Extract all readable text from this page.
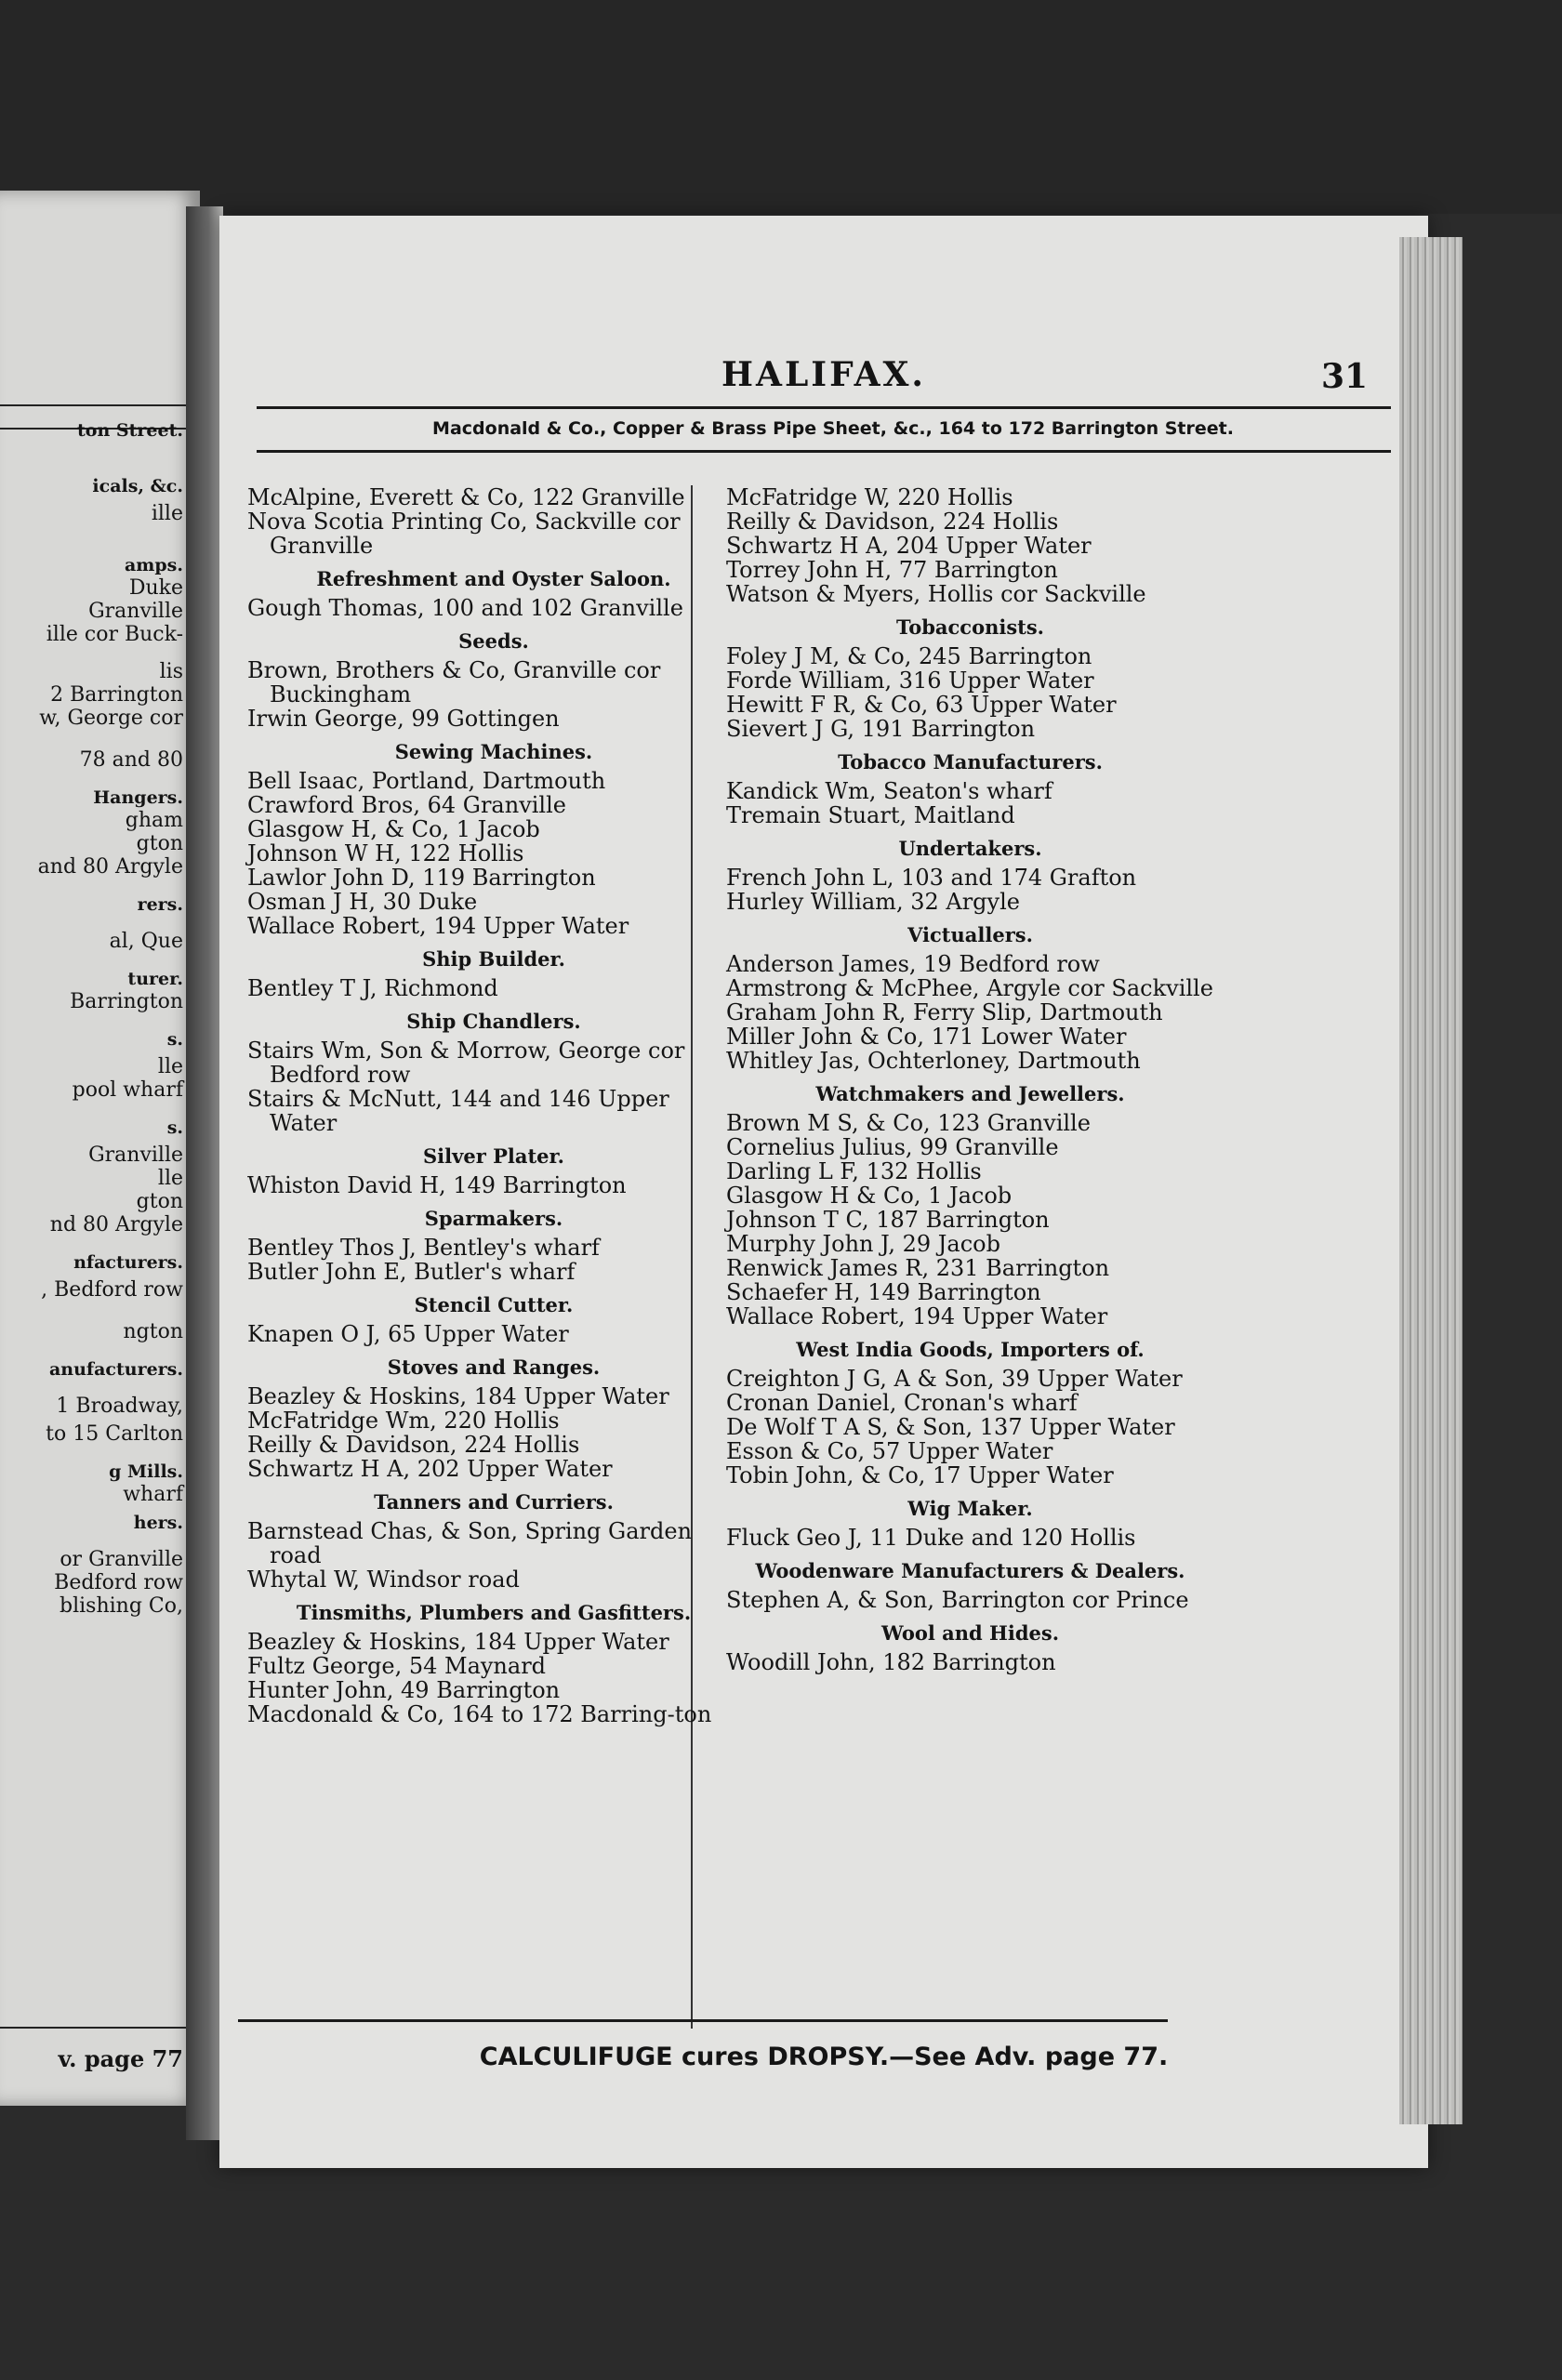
v. page 77
ton Street.
icals, &c.
ille
amps.
Duke
Granville
ille cor Buck-
lis
2 Barrington
w, George cor
78 and 80
Hangers.
gham
gton
and 80 Argyle
rers.
al, Que
turer.
Barrington
s.
lle
pool wharf
s.
Granville
lle
gton
nd 80 Argyle
nfacturers.
, Bedford row
ngton
anufacturers.
1 Broadway,
to 15 Carlton
g Mills.
wharf
hers.
or Granville
Bedford row
blishing Co,
HALIFAX.	31
Macdonald & Co., Copper & Brass Pipe Sheet, &c., 164 to 172 Barrington Street.
McAlpine, Everett & Co, 122 Granville
Nova Scotia Printing Co, Sackville cor Granville
Refreshment and Oyster Saloon.
Gough Thomas, 100 and 102 Granville
Seeds.
Brown, Brothers & Co, Granville cor Buckingham
Irwin George, 99 Gottingen
Sewing Machines.
Bell Isaac, Portland, Dartmouth
Crawford Bros, 64 Granville
Glasgow H, & Co, 1 Jacob
Johnson W H, 122 Hollis
Lawlor John D, 119 Barrington
Osman J H, 30 Duke
Wallace Robert, 194 Upper Water
Ship Builder.
Bentley T J, Richmond
Ship Chandlers.
Stairs Wm, Son & Morrow, George cor Bedford row
Stairs & McNutt, 144 and 146 Upper Water
Silver Plater.
Whiston David H, 149 Barrington
Sparmakers.
Bentley Thos J, Bentley's wharf
Butler John E, Butler's wharf
Stencil Cutter.
Knapen O J, 65 Upper Water
Stoves and Ranges.
Beazley & Hoskins, 184 Upper Water
McFatridge Wm, 220 Hollis
Reilly & Davidson, 224 Hollis
Schwartz H A, 202 Upper Water
Tanners and Curriers.
Barnstead Chas, & Son, Spring Garden road
Whytal W, Windsor road
Tinsmiths, Plumbers and Gasfitters.
Beazley & Hoskins, 184 Upper Water
Fultz George, 54 Maynard
Hunter John, 49 Barrington
Macdonald & Co, 164 to 172 Barring-ton
McFatridge W, 220 Hollis
Reilly & Davidson, 224 Hollis
Schwartz H A, 204 Upper Water
Torrey John H, 77 Barrington
Watson & Myers, Hollis cor Sackville
Tobacconists.
Foley J M, & Co, 245 Barrington
Forde William, 316 Upper Water
Hewitt F R, & Co, 63 Upper Water
Sievert J G, 191 Barrington
Tobacco Manufacturers.
Kandick Wm, Seaton's wharf
Tremain Stuart, Maitland
Undertakers.
French John L, 103 and 174 Grafton
Hurley William, 32 Argyle
Victuallers.
Anderson James, 19 Bedford row
Armstrong & McPhee, Argyle cor Sackville
Graham John R, Ferry Slip, Dartmouth
Miller John & Co, 171 Lower Water
Whitley Jas, Ochterloney, Dartmouth
Watchmakers and Jewellers.
Brown M S, & Co, 123 Granville
Cornelius Julius, 99 Granville
Darling L F, 132 Hollis
Glasgow H & Co, 1 Jacob
Johnson T C, 187 Barrington
Murphy John J, 29 Jacob
Renwick James R, 231 Barrington
Schaefer H, 149 Barrington
Wallace Robert, 194 Upper Water
West India Goods, Importers of.
Creighton J G, A & Son, 39 Upper Water
Cronan Daniel, Cronan's wharf
De Wolf T A S, & Son, 137 Upper Water
Esson & Co, 57 Upper Water
Tobin John, & Co, 17 Upper Water
Wig Maker.
Fluck Geo J, 11 Duke and 120 Hollis
Woodenware Manufacturers & Dealers.
Stephen A, & Son, Barrington cor Prince
Wool and Hides.
Woodill John, 182 Barrington
CALCULIFUGE cures DROPSY.—See Adv. page 77.
